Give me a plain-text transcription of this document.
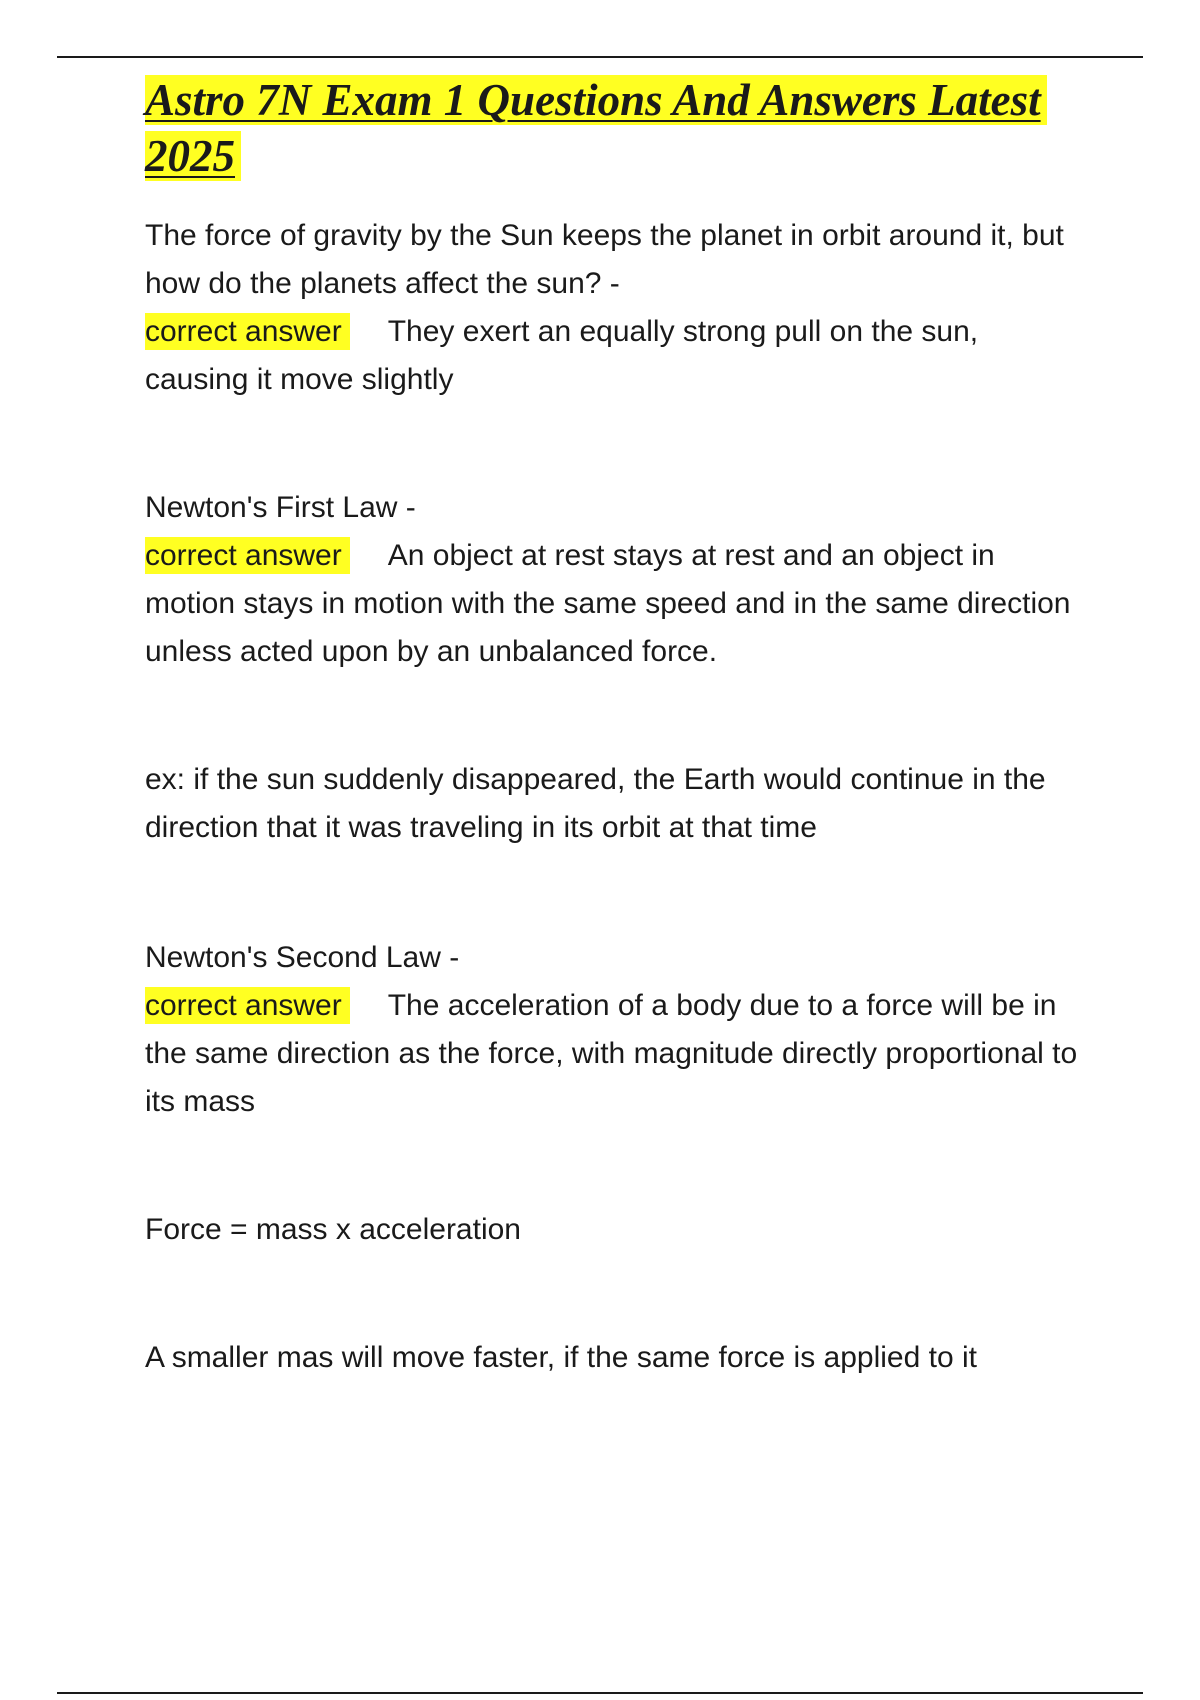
Astro 7N Exam 1 Questions And Answers Latest 2025

The force of gravity by the Sun keeps the planet in orbit around it, but how do the planets affect the sun? -
correct answer They exert an equally strong pull on the sun, causing it move slightly

Newton's First Law -
correct answer An object at rest stays at rest and an object in motion stays in motion with the same speed and in the same direction unless acted upon by an unbalanced force.

ex: if the sun suddenly disappeared, the Earth would continue in the direction that it was traveling in its orbit at that time

Newton's Second Law -
correct answer The acceleration of a body due to a force will be in the same direction as the force, with magnitude directly proportional to its mass

Force = mass x acceleration

A smaller mas will move faster, if the same force is applied to it
